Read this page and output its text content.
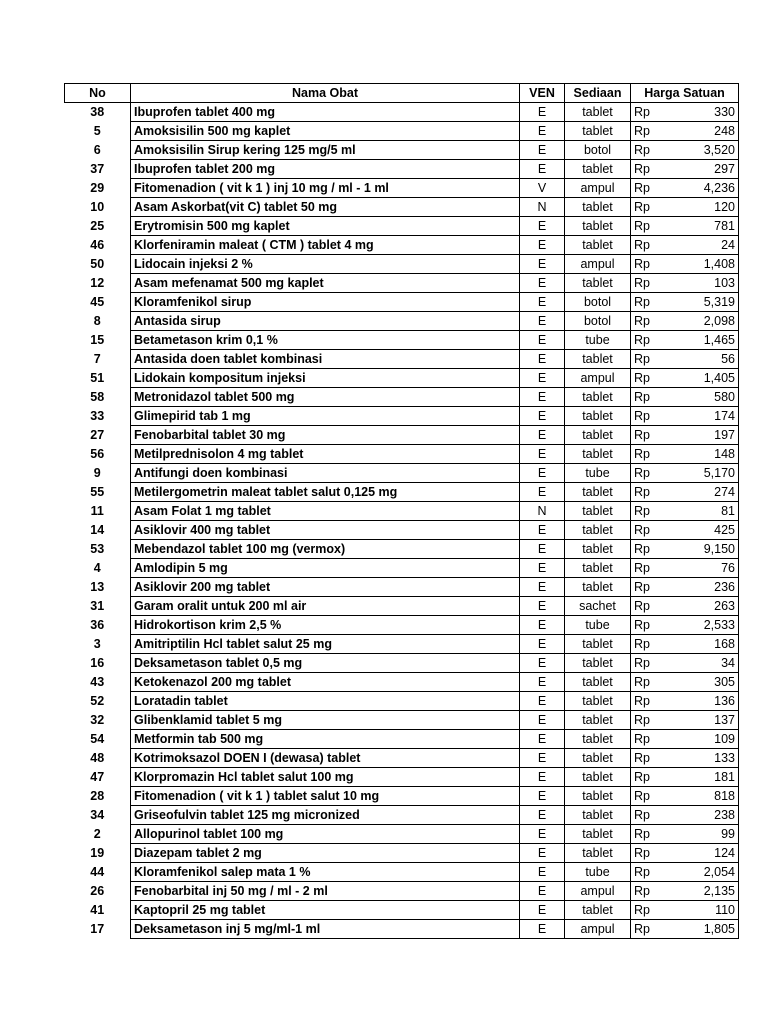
No	Nama Obat	VEN	Sediaan	Harga Satuan
38	Ibuprofen tablet 400 mg	E	tablet	Rp 330

5	Amoksisilin 500 mg kaplet	E	tablet	Rp 248

6	Amoksisilin Sirup kering 125 mg/5 ml	E	botol	Rp 3,520

37	Ibuprofen tablet 200 mg	E	tablet	Rp 297

29	Fitomenadion ( vit k 1 ) inj 10 mg / ml - 1 ml	V	ampul	Rp 4,236

10	Asam Askorbat(vit C) tablet 50 mg	N	tablet	Rp 120

25	Erytromisin 500 mg kaplet	E	tablet	Rp 781

46	Klorfeniramin maleat ( CTM ) tablet 4 mg	E	tablet	Rp 24

50	Lidocain injeksi 2 %	E	ampul	Rp 1,408

12	Asam mefenamat 500 mg kaplet	E	tablet	Rp 103

45	Kloramfenikol sirup	E	botol	Rp 5,319

8	Antasida sirup	E	botol	Rp 2,098

15	Betametason krim 0,1 %	E	tube	Rp 1,465

7	Antasida doen tablet kombinasi	E	tablet	Rp 56

51	Lidokain kompositum injeksi	E	ampul	Rp 1,405

58	Metronidazol tablet 500 mg	E	tablet	Rp 580

33	Glimepirid tab 1 mg	E	tablet	Rp 174

27	Fenobarbital tablet 30 mg	E	tablet	Rp 197

56	Metilprednisolon 4 mg tablet	E	tablet	Rp 148

9	Antifungi doen kombinasi	E	tube	Rp 5,170

55	Metilergometrin maleat tablet salut 0,125 mg	E	tablet	Rp 274

11	Asam Folat 1 mg tablet	N	tablet	Rp 81

14	Asiklovir 400 mg tablet	E	tablet	Rp 425

53	Mebendazol tablet 100 mg (vermox)	E	tablet	Rp 9,150

4	Amlodipin 5 mg	E	tablet	Rp 76

13	Asiklovir 200 mg tablet	E	tablet	Rp 236

31	Garam oralit untuk 200 ml air	E	sachet	Rp 263

36	Hidrokortison krim 2,5 %	E	tube	Rp 2,533

3	Amitriptilin Hcl tablet salut 25 mg	E	tablet	Rp 168

16	Deksametason tablet 0,5 mg	E	tablet	Rp 34

43	Ketokenazol 200 mg tablet	E	tablet	Rp 305

52	Loratadin tablet	E	tablet	Rp 136

32	Glibenklamid tablet 5 mg	E	tablet	Rp 137

54	Metformin tab 500 mg	E	tablet	Rp 109

48	Kotrimoksazol DOEN I (dewasa) tablet	E	tablet	Rp 133

47	Klorpromazin Hcl tablet salut 100 mg	E	tablet	Rp 181

28	Fitomenadion ( vit k 1 ) tablet salut 10 mg	E	tablet	Rp 818

34	Griseofulvin tablet 125 mg micronized	E	tablet	Rp 238

2	Allopurinol tablet 100 mg	E	tablet	Rp 99

19	Diazepam tablet 2 mg	E	tablet	Rp 124

44	Kloramfenikol salep mata 1 %	E	tube	Rp 2,054

26	Fenobarbital inj 50 mg / ml - 2 ml	E	ampul	Rp 2,135

41	Kaptopril 25 mg tablet	E	tablet	Rp 110

17	Deksametason inj 5 mg/ml-1 ml	E	ampul	Rp 1,805
